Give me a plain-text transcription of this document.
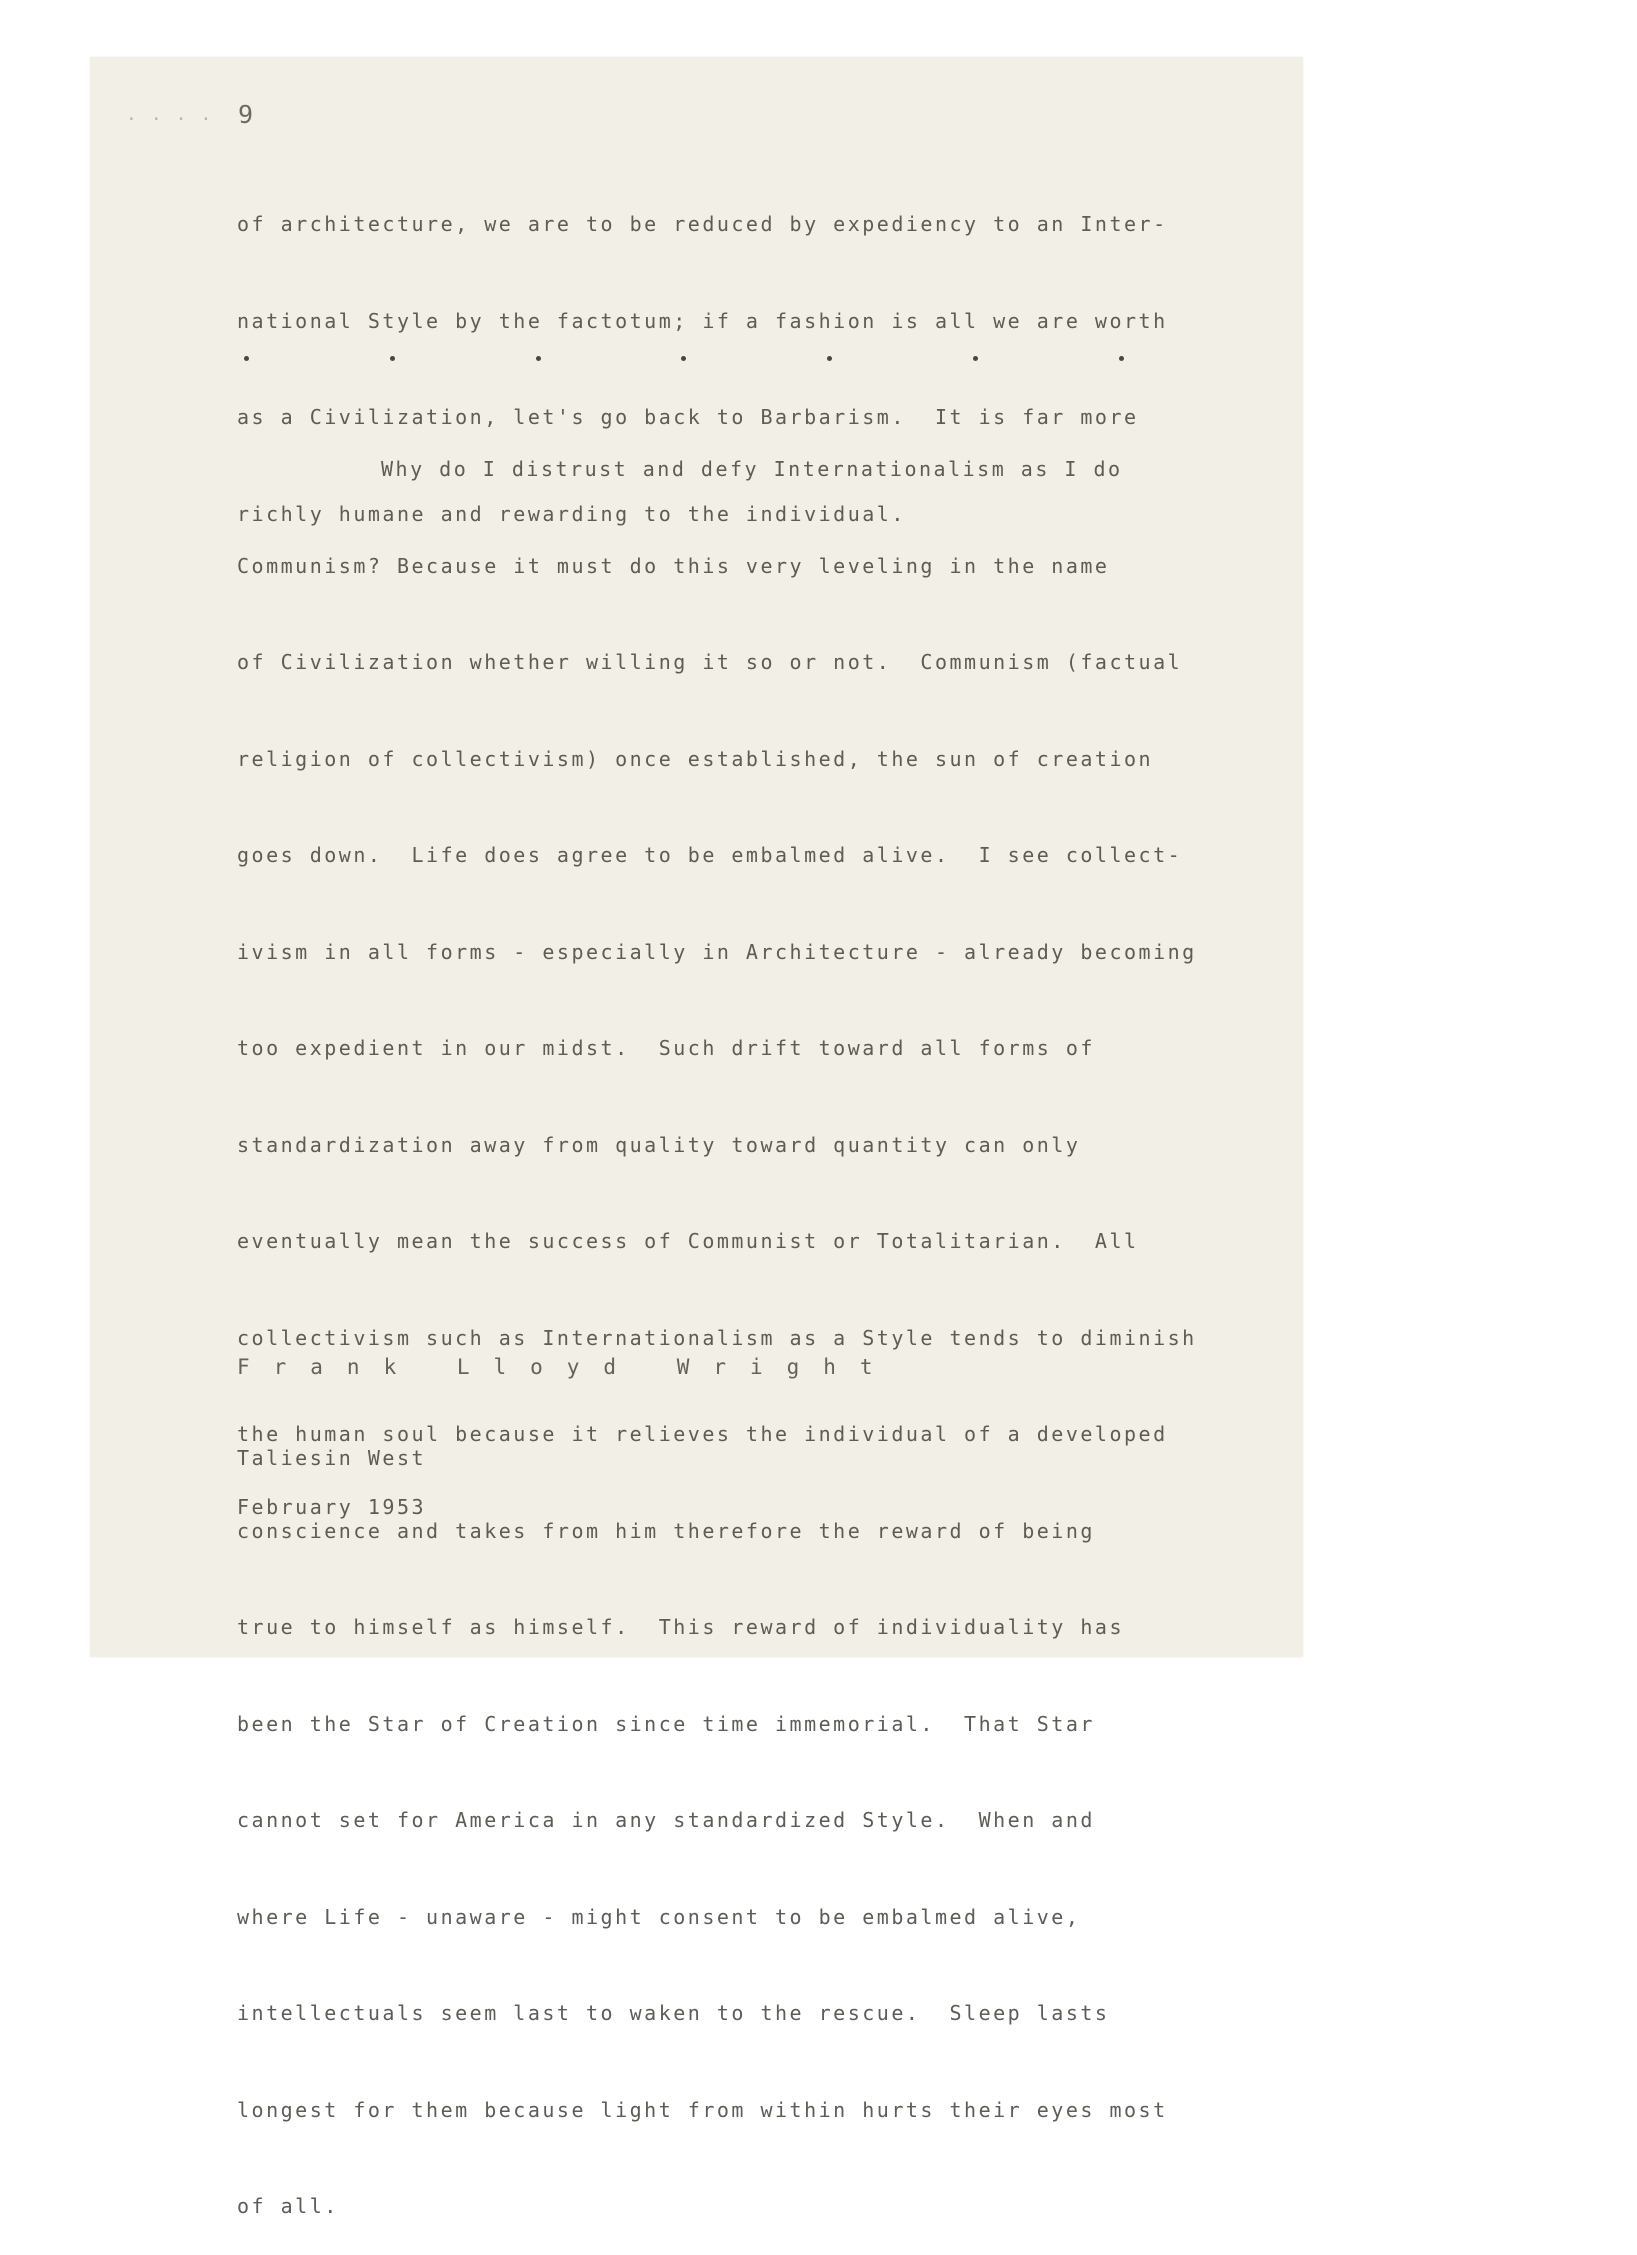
.... 9

of architecture, we are to be reduced by expediency to an Inter-

national Style by the factotum; if a fashion is all we are worth

as a Civilization, let's go back to Barbarism.  It is far more

richly humane and rewarding to the individual.

Why do I distrust and defy Internationalism as I do

Communism? Because it must do this very leveling in the name

of Civilization whether willing it so or not.  Communism (factual

religion of collectivism) once established, the sun of creation

goes down.  Life does agree to be embalmed alive.  I see collect-

ivism in all forms - especially in Architecture - already becoming

too expedient in our midst.  Such drift toward all forms of

standardization away from quality toward quantity can only

eventually mean the success of Communist or Totalitarian.  All

collectivism such as Internationalism as a Style tends to diminish

the human soul because it relieves the individual of a developed

conscience and takes from him therefore the reward of being

true to himself as himself.  This reward of individuality has

been the Star of Creation since time immemorial.  That Star

cannot set for America in any standardized Style.  When and

where Life - unaware - might consent to be embalmed alive,

intellectuals seem last to waken to the rescue.  Sleep lasts

longest for them because light from within hurts their eyes most

of all.

Frank Lloyd Wright
Taliesin West
February 1953
